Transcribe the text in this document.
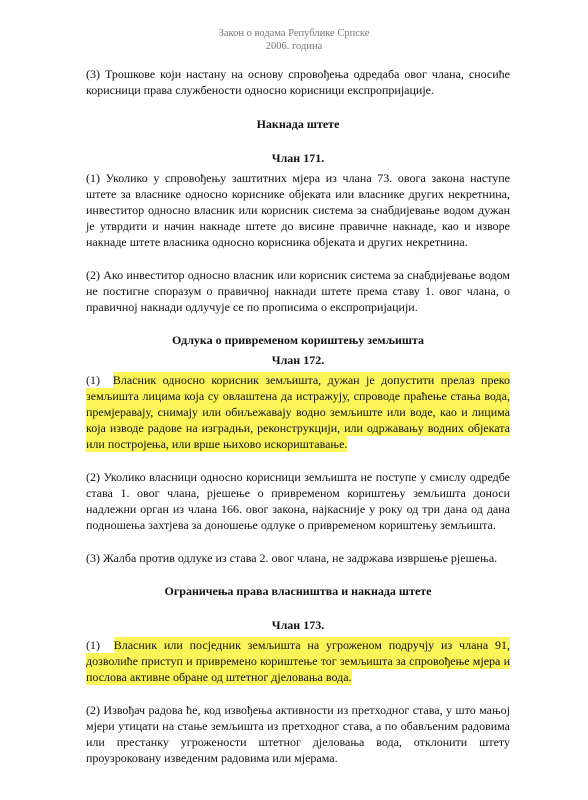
Закон о водама Републике Српске
2006. година

(3) Трошкове који настану на основу спровођења одредаба овог члана, сносиће корисници права службености односно корисници експропријације.

Накнада штете

Члан 171.

(1) Уколико у спровођењу заштитних мјера из члана 73. овога закона наступе штете за власнике односно кориснике објеката или власнике других некретнина, инвеститор односно власник или корисник система за снабдијевање водом дужан је утврдити и начин накнаде штете до висине правичне накнаде, као и изворе накнаде штете власника односно корисника објеката и других некретнина.

(2) Ако инвеститор односно власник или корисник система за снабдијевање водом не постигне споразум о правичној накнади штете према ставу 1. овог члана, о правичној накнади одлучује се по прописима о експропријацији.

Одлука о привременом кориштењу земљишта

Члан 172.

(1) Власник односно корисник земљишта, дужан је допустити прелаз преко земљишта лицима која су овлаштена да истражују, спроводе праћење стања вода, премјеравају, снимају или обиљежавају водно земљиште или воде, као и лицима која изводе радове на изградњи, реконструкцији, или одржавању водних објеката или постројења, или врше њихово искориштавање.

(2) Уколико власници односно корисници земљишта не поступе у смислу одредбе става 1. овог члана, рјешење о привременом кориштењу земљишта доноси надлежни орган из члана 166. овог закона, најкасније у року од три дана од дана подношења захтјева за доношење одлуке о привременом кориштењу земљишта.

(3) Жалба против одлуке из става 2. овог члана, не задржава извршење рјешења.

Ограничења права власништва и накнада штете

Члан 173.

(1) Власник или посједник земљишта на угроженом подручју из члана 91, дозволиће приступ и привремено кориштење тог земљишта за спровођење мјера и послова активне обране од штетног дјеловања вода.

(2) Извођач радова ће, код извођења активности из претходног става, у што мањој мјери утицати на стање земљишта из претходног става, а по обављеним радовима или престанку угрожености штетног дјеловања вода, отклонити штету проузроковану изведеним радовима или мјерама.
